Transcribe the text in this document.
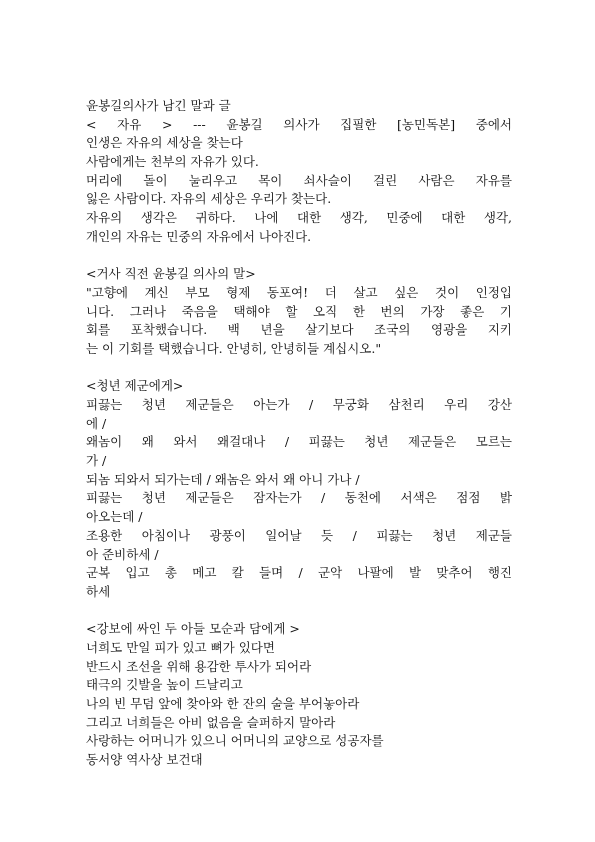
윤봉길의사가 남긴 말과 글
< 자유 > --- 윤봉길 의사가 집필한 [농민독본] 중에서
인생은 자유의 세상을 찾는다
사람에게는 천부의 자유가 있다.
머리에 돌이 눌리우고 목이 쇠사슬이 걸린 사람은 자유를
잃은 사람이다. 자유의 세상은 우리가 찾는다.
자유의 생각은 귀하다. 나에 대한 생각, 민중에 대한 생각,
개인의 자유는 민중의 자유에서 나아진다.
<거사 직전 윤봉길 의사의 말>
"고향에 계신 부모 형제 동포여! 더 살고 싶은 것이 인정입
니다. 그러나 죽음을 택해야 할 오직 한 번의 가장 좋은 기
회를 포착했습니다. 백 년을 살기보다 조국의 영광을 지키
는 이 기회를 택했습니다. 안녕히, 안녕히들 계십시오."
<청년 제군에게>
피끓는 청년 제군들은 아는가 / 무궁화 삼천리 우리 강산
에 /
왜놈이 왜 와서 왜걸대나 / 피끓는 청년 제군들은 모르는
가 /
되놈 되와서 되가는데 / 왜놈은 와서 왜 아니 가나 /
피끓는 청년 제군들은 잠자는가 / 동천에 서색은 점점 밝
아오는데 /
조용한 아침이나 광풍이 일어날 듯 / 피끓는 청년 제군들
아 준비하세 /
군복 입고 총 메고 칼 들며 / 군악 나팔에 발 맞추어 행진
하세
<강보에 싸인 두 아들 모순과 담에게 >
너희도 만일 피가 있고 뼈가 있다면
반드시 조선을 위해 용감한 투사가 되어라
태극의 깃발을 높이 드날리고
나의 빈 무덤 앞에 찾아와 한 잔의 술을 부어놓아라
그리고 너희들은 아비 없음을 슬퍼하지 말아라
사랑하는 어머니가 있으니 어머니의 교양으로 성공자를
동서양 역사상 보건대
